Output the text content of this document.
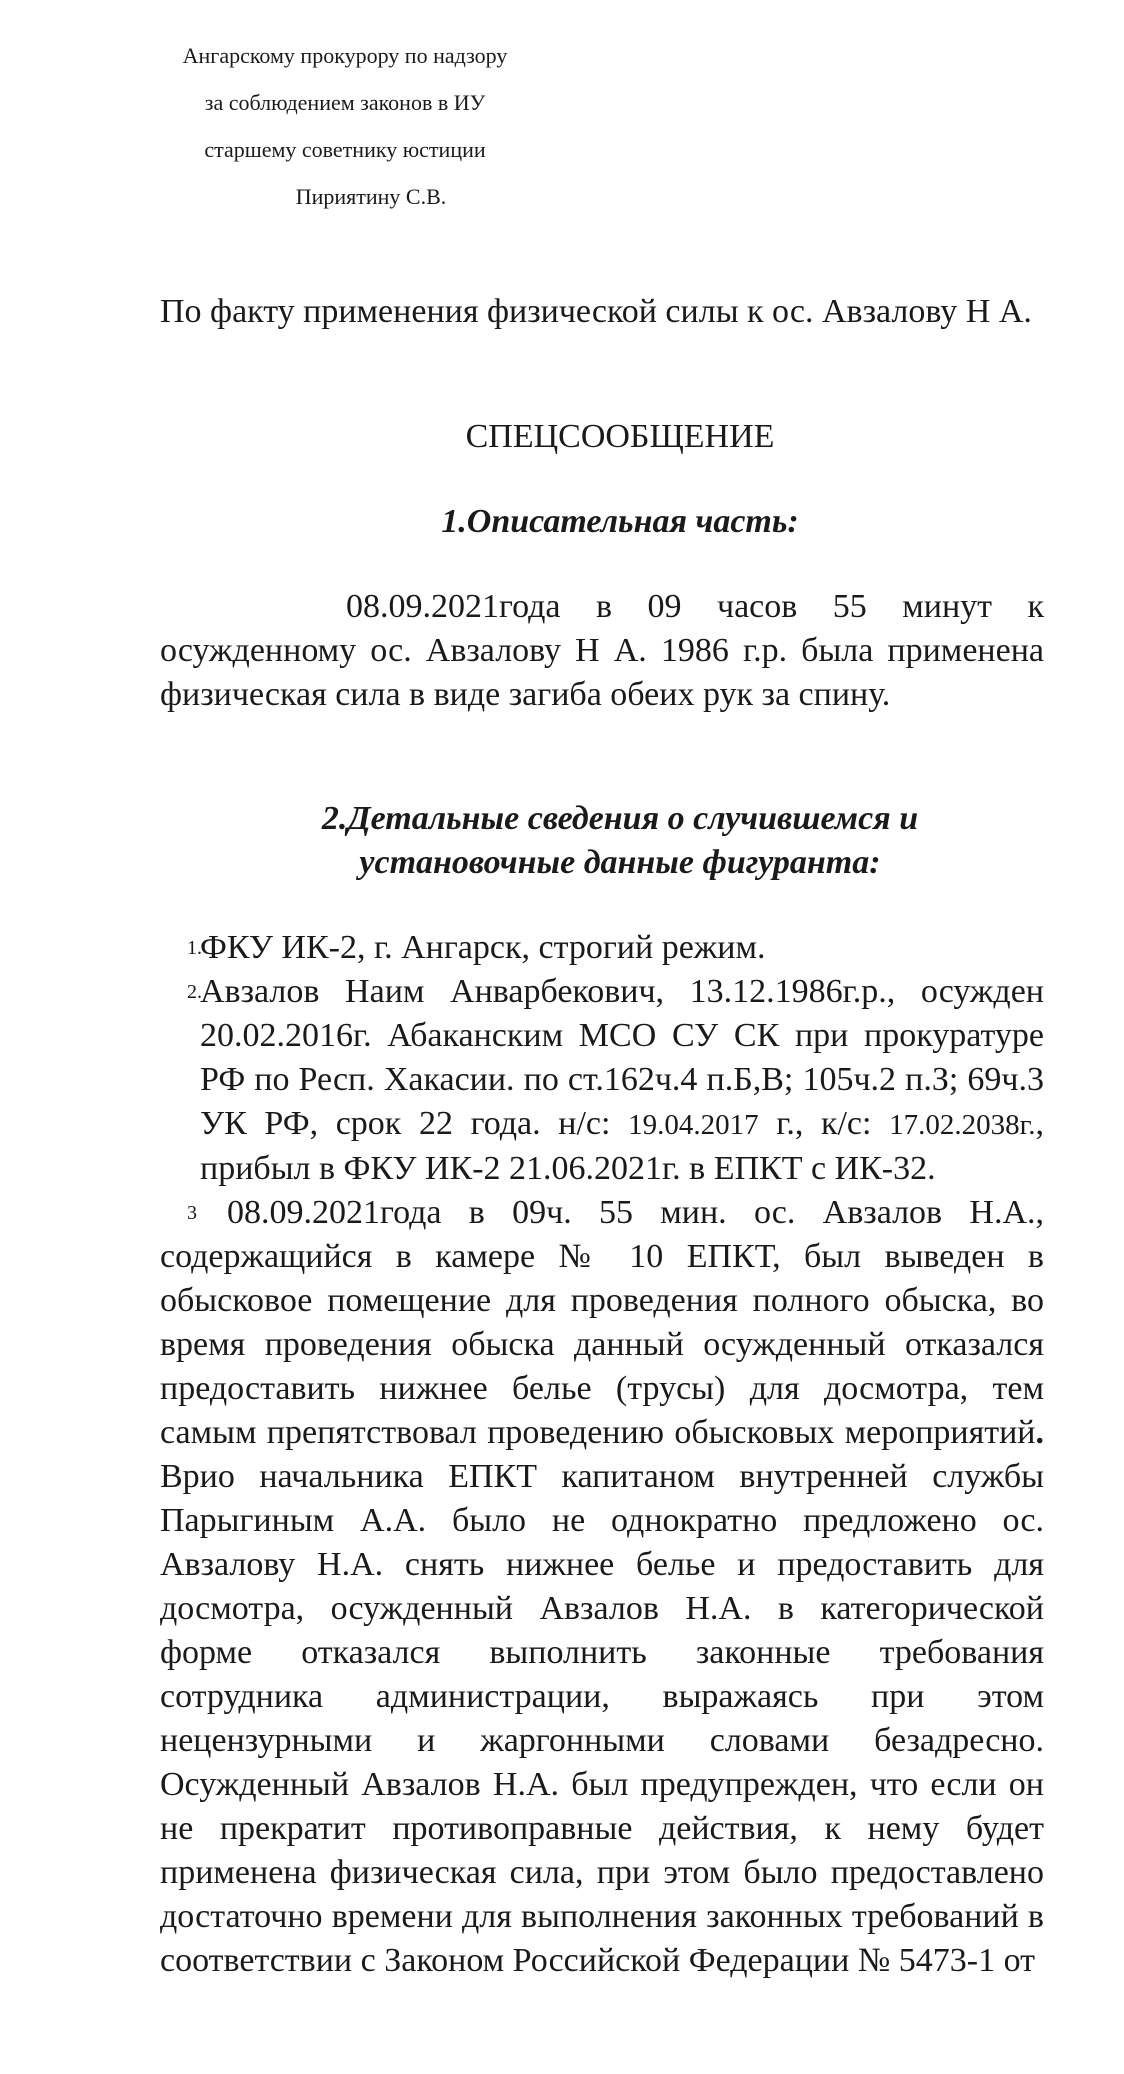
Ангарскому прокурору по надзору
за соблюдением законов в ИУ
старшему советнику юстиции
Пириятину С.В.
По факту применения физической силы к ос. Авзалову Н А.
СПЕЦСООБЩЕНИЕ
1.Описательная часть:
08.09.2021года в 09 часов 55 минут к осужденному ос. Авзалову Н А. 1986 г.р. была применена физическая сила в виде загиба обеих рук за спину.
2.Детальные сведения о случившемся и
установочные данные фигуранта:
1.
ФКУ ИК-2, г. Ангарск, строгий режим.
2.
Авзалов Наим Анварбекович, 13.12.1986г.р., осужден 20.02.2016г. Абаканским МСО СУ СК при прокуратуре РФ по Респ. Хакасии. по ст.162ч.4 п.Б,В; 105ч.2 п.З; 69ч.3 УК РФ, срок 22 года. н/с: 19.04.2017 г., к/с: 17.02.2038г., прибыл в ФКУ ИК-2 21.06.2021г. в ЕПКТ с ИК-32.
3 08.09.2021года в 09ч. 55 мин. ос. Авзалов Н.А., содержащийся в камере № 10 ЕПКТ, был выведен в обысковое помещение для проведения полного обыска, во время проведения обыска данный осужденный отказался предоставить нижнее белье (трусы) для досмотра, тем самым препятствовал проведению обысковых мероприятий. Врио начальника ЕПКТ капитаном внутренней службы Парыгиным А.А. было не однократно предложено ос. Авзалову Н.А. снять нижнее белье и предоставить для досмотра, осужденный Авзалов Н.А. в категорической форме отказался выполнить законные требования сотрудника администрации, выражаясь при этом нецензурными и жаргонными словами безадресно. Осужденный Авзалов Н.А. был предупрежден, что если он не прекратит противоправные действия, к нему будет применена физическая сила, при этом было предоставлено достаточно времени для выполнения законных требований в соответствии с Законом Российской Федерации № 5473-1 от
